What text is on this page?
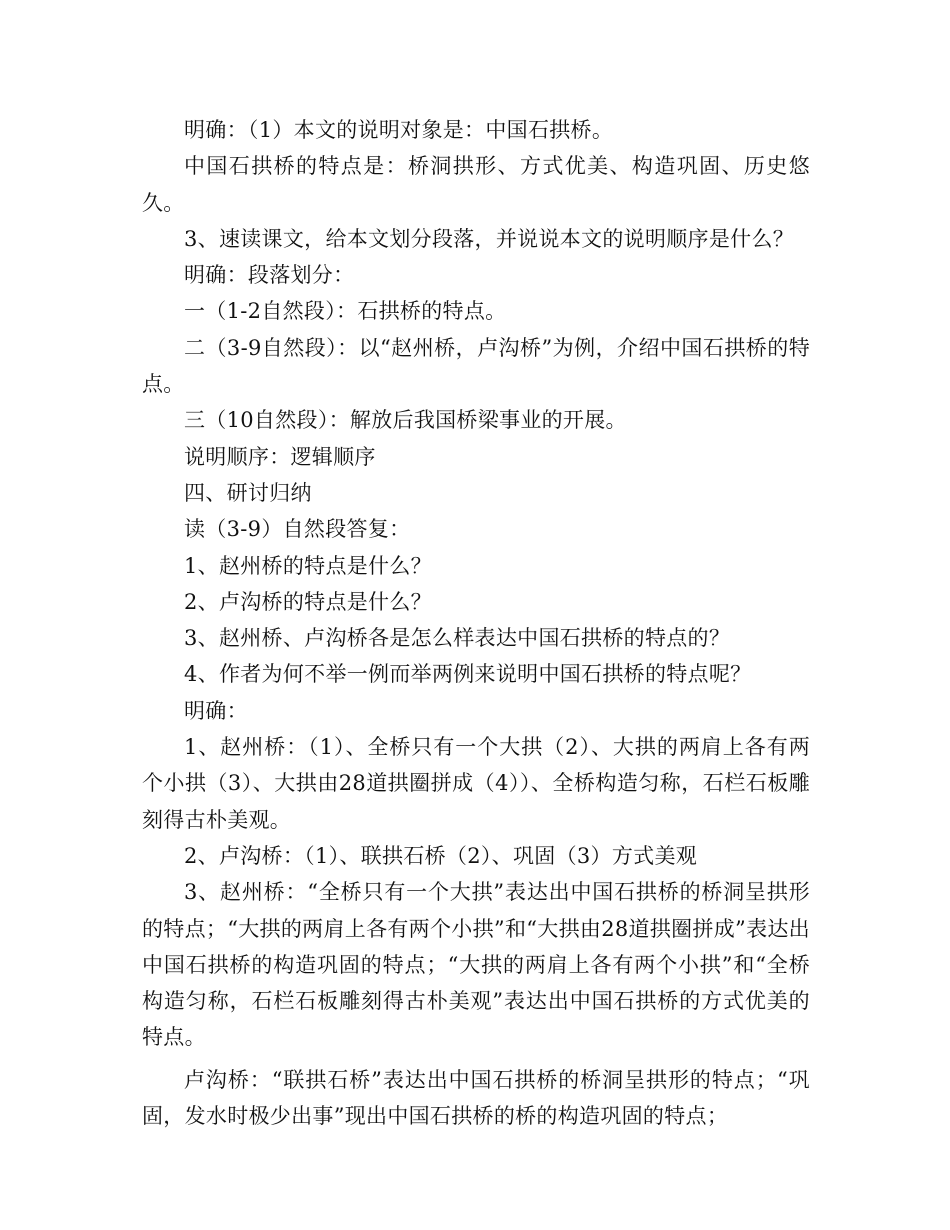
明确：（1）本文的说明对象是：中国石拱桥。

中国石拱桥的特点是：桥洞拱形、方式优美、构造巩固、历史悠久。

3、速读课文，给本文划分段落，并说说本文的说明顺序是什么？

明确：段落划分：

一（1-2自然段）：石拱桥的特点。

二（3-9自然段）：以“赵州桥，卢沟桥”为例，介绍中国石拱桥的特点。

三（10自然段）：解放后我国桥梁事业的开展。

说明顺序：逻辑顺序

四、研讨归纳

读（3-9）自然段答复：

1、赵州桥的特点是什么？

2、卢沟桥的特点是什么？

3、赵州桥、卢沟桥各是怎么样表达中国石拱桥的特点的？

4、作者为何不举一例而举两例来说明中国石拱桥的特点呢？

明确：

1、赵州桥：（1）、全桥只有一个大拱（2）、大拱的两肩上各有两个小拱（3）、大拱由28道拱圈拼成（4））、全桥构造匀称，石栏石板雕刻得古朴美观。

2、卢沟桥：（1）、联拱石桥（2）、巩固（3）方式美观

3、赵州桥：“全桥只有一个大拱”表达出中国石拱桥的桥洞呈拱形的特点；“大拱的两肩上各有两个小拱”和“大拱由28道拱圈拼成”表达出中国石拱桥的构造巩固的特点；“大拱的两肩上各有两个小拱”和“全桥构造匀称，石栏石板雕刻得古朴美观”表达出中国石拱桥的方式优美的特点。

卢沟桥：“联拱石桥”表达出中国石拱桥的桥洞呈拱形的特点；“巩固，发水时极少出事”现出中国石拱桥的桥的构造巩固的特点；
